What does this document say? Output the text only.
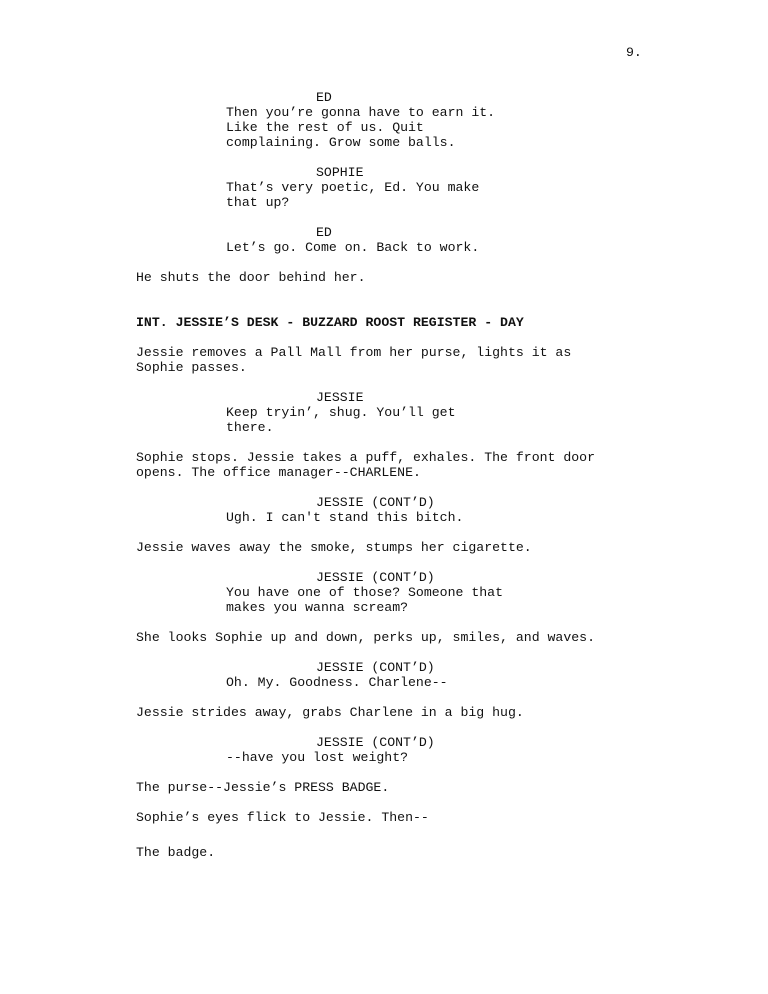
9.
ED
Then you’re gonna have to earn it.
Like the rest of us. Quit
complaining. Grow some balls.
SOPHIE
That’s very poetic, Ed. You make
that up?
ED
Let’s go. Come on. Back to work.
He shuts the door behind her.
INT. JESSIE’S DESK - BUZZARD ROOST REGISTER - DAY
Jessie removes a Pall Mall from her purse, lights it as
Sophie passes.
JESSIE
Keep tryin’, shug. You’ll get
there.
Sophie stops. Jessie takes a puff, exhales. The front door
opens. The office manager--CHARLENE.
JESSIE (CONT’D)
Ugh. I can't stand this bitch.
Jessie waves away the smoke, stumps her cigarette.
JESSIE (CONT’D)
You have one of those? Someone that
makes you wanna scream?
She looks Sophie up and down, perks up, smiles, and waves.
JESSIE (CONT’D)
Oh. My. Goodness. Charlene--
Jessie strides away, grabs Charlene in a big hug.
JESSIE (CONT’D)
--have you lost weight?
The purse--Jessie’s PRESS BADGE.
Sophie’s eyes flick to Jessie. Then--
The badge.
